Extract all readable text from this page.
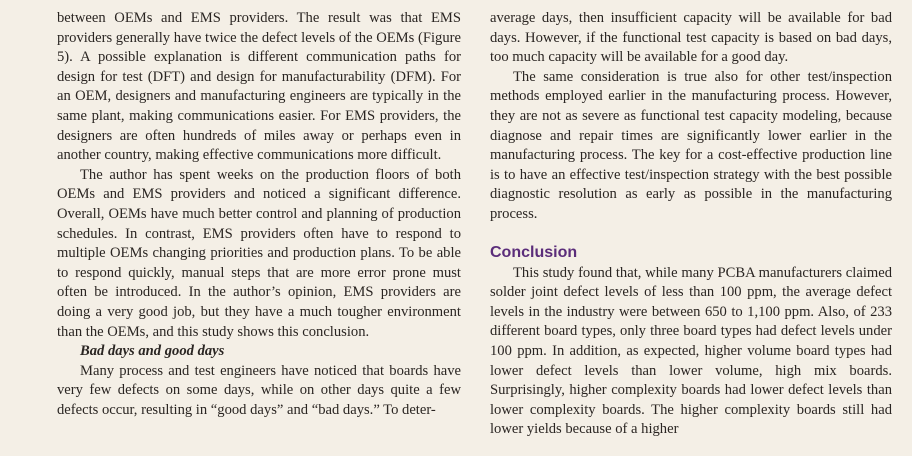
between OEMs and EMS providers. The result was that EMS providers generally have twice the defect levels of the OEMs (Figure 5). A possible explanation is different communication paths for design for test (DFT) and design for manufacturability (DFM). For an OEM, designers and manufacturing engineers are typically in the same plant, making communications easier. For EMS providers, the designers are often hundreds of miles away or perhaps even in another country, making effective communications more difficult.

The author has spent weeks on the production floors of both OEMs and EMS providers and noticed a significant difference. Overall, OEMs have much better control and planning of production schedules. In contrast, EMS providers often have to respond to multiple OEMs changing priorities and production plans. To be able to respond quickly, manual steps that are more error prone must often be introduced. In the author’s opinion, EMS providers are doing a very good job, but they have a much tougher environment than the OEMs, and this study shows this conclusion.

Bad days and good days

Many process and test engineers have noticed that boards have very few defects on some days, while on other days quite a few defects occur, resulting in “good days” and “bad days.” To deter-

average days, then insufficient capacity will be available for bad days. However, if the functional test capacity is based on bad days, too much capacity will be available for a good day.

The same consideration is true also for other test/inspection methods employed earlier in the manufacturing process. However, they are not as severe as functional test capacity modeling, because diagnose and repair times are significantly lower earlier in the manufacturing process. The key for a cost-effective production line is to have an effective test/inspection strategy with the best possible diagnostic resolution as early as possible in the manufacturing process.

Conclusion

This study found that, while many PCBA manufacturers claimed solder joint defect levels of less than 100 ppm, the average defect levels in the industry were between 650 to 1,100 ppm. Also, of 233 different board types, only three board types had defect levels under 100 ppm. In addition, as expected, higher volume board types had lower defect levels than lower volume, high mix boards. Surprisingly, higher complexity boards had lower defect levels than lower complexity boards. The higher complexity boards still had lower yields because of a higher
